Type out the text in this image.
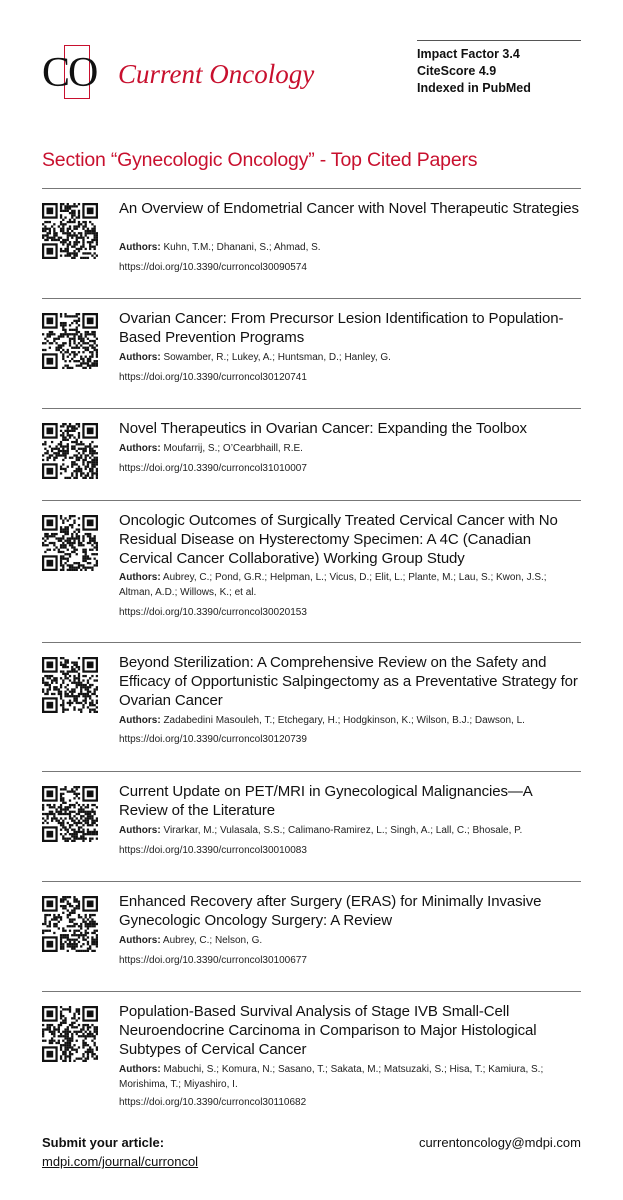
CO Current Oncology
Impact Factor 3.4
CiteScore 4.9
Indexed in PubMed
Section “Gynecologic Oncology” - Top Cited Papers
An Overview of Endometrial Cancer with Novel Therapeutic Strategies
Authors: Kuhn, T.M.; Dhanani, S.; Ahmad, S.
https://doi.org/10.3390/curroncol30090574
Ovarian Cancer: From Precursor Lesion Identification to Population-Based Prevention Programs
Authors: Sowamber, R.; Lukey, A.; Huntsman, D.; Hanley, G.
https://doi.org/10.3390/curroncol30120741
Novel Therapeutics in Ovarian Cancer: Expanding the Toolbox
Authors: Moufarrij, S.; O’Cearbhaill, R.E.
https://doi.org/10.3390/curroncol31010007
Oncologic Outcomes of Surgically Treated Cervical Cancer with No Residual Disease on Hysterectomy Specimen: A 4C (Canadian Cervical Cancer Collaborative) Working Group Study
Authors: Aubrey, C.; Pond, G.R.; Helpman, L.; Vicus, D.; Elit, L.; Plante, M.; Lau, S.; Kwon, J.S.; Altman, A.D.; Willows, K.; et al.
https://doi.org/10.3390/curroncol30020153
Beyond Sterilization: A Comprehensive Review on the Safety and Efficacy of Opportunistic Salpingectomy as a Preventative Strategy for Ovarian Cancer
Authors: Zadabedini Masouleh, T.; Etchegary, H.; Hodgkinson, K.; Wilson, B.J.; Dawson, L.
https://doi.org/10.3390/curroncol30120739
Current Update on PET/MRI in Gynecological Malignancies—A Review of the Literature
Authors: Virarkar, M.; Vulasala, S.S.; Calimano-Ramirez, L.; Singh, A.; Lall, C.; Bhosale, P.
https://doi.org/10.3390/curroncol30010083
Enhanced Recovery after Surgery (ERAS) for Minimally Invasive Gynecologic Oncology Surgery: A Review
Authors: Aubrey, C.; Nelson, G.
https://doi.org/10.3390/curroncol30100677
Population-Based Survival Analysis of Stage IVB Small-Cell Neuroendocrine Carcinoma in Comparison to Major Histological Subtypes of Cervical Cancer
Authors: Mabuchi, S.; Komura, N.; Sasano, T.; Sakata, M.; Matsuzaki, S.; Hisa, T.; Kamiura, S.; Morishima, T.; Miyashiro, I.
https://doi.org/10.3390/curroncol30110682
Submit your article:
mdpi.com/journal/curroncol
currentoncology@mdpi.com
